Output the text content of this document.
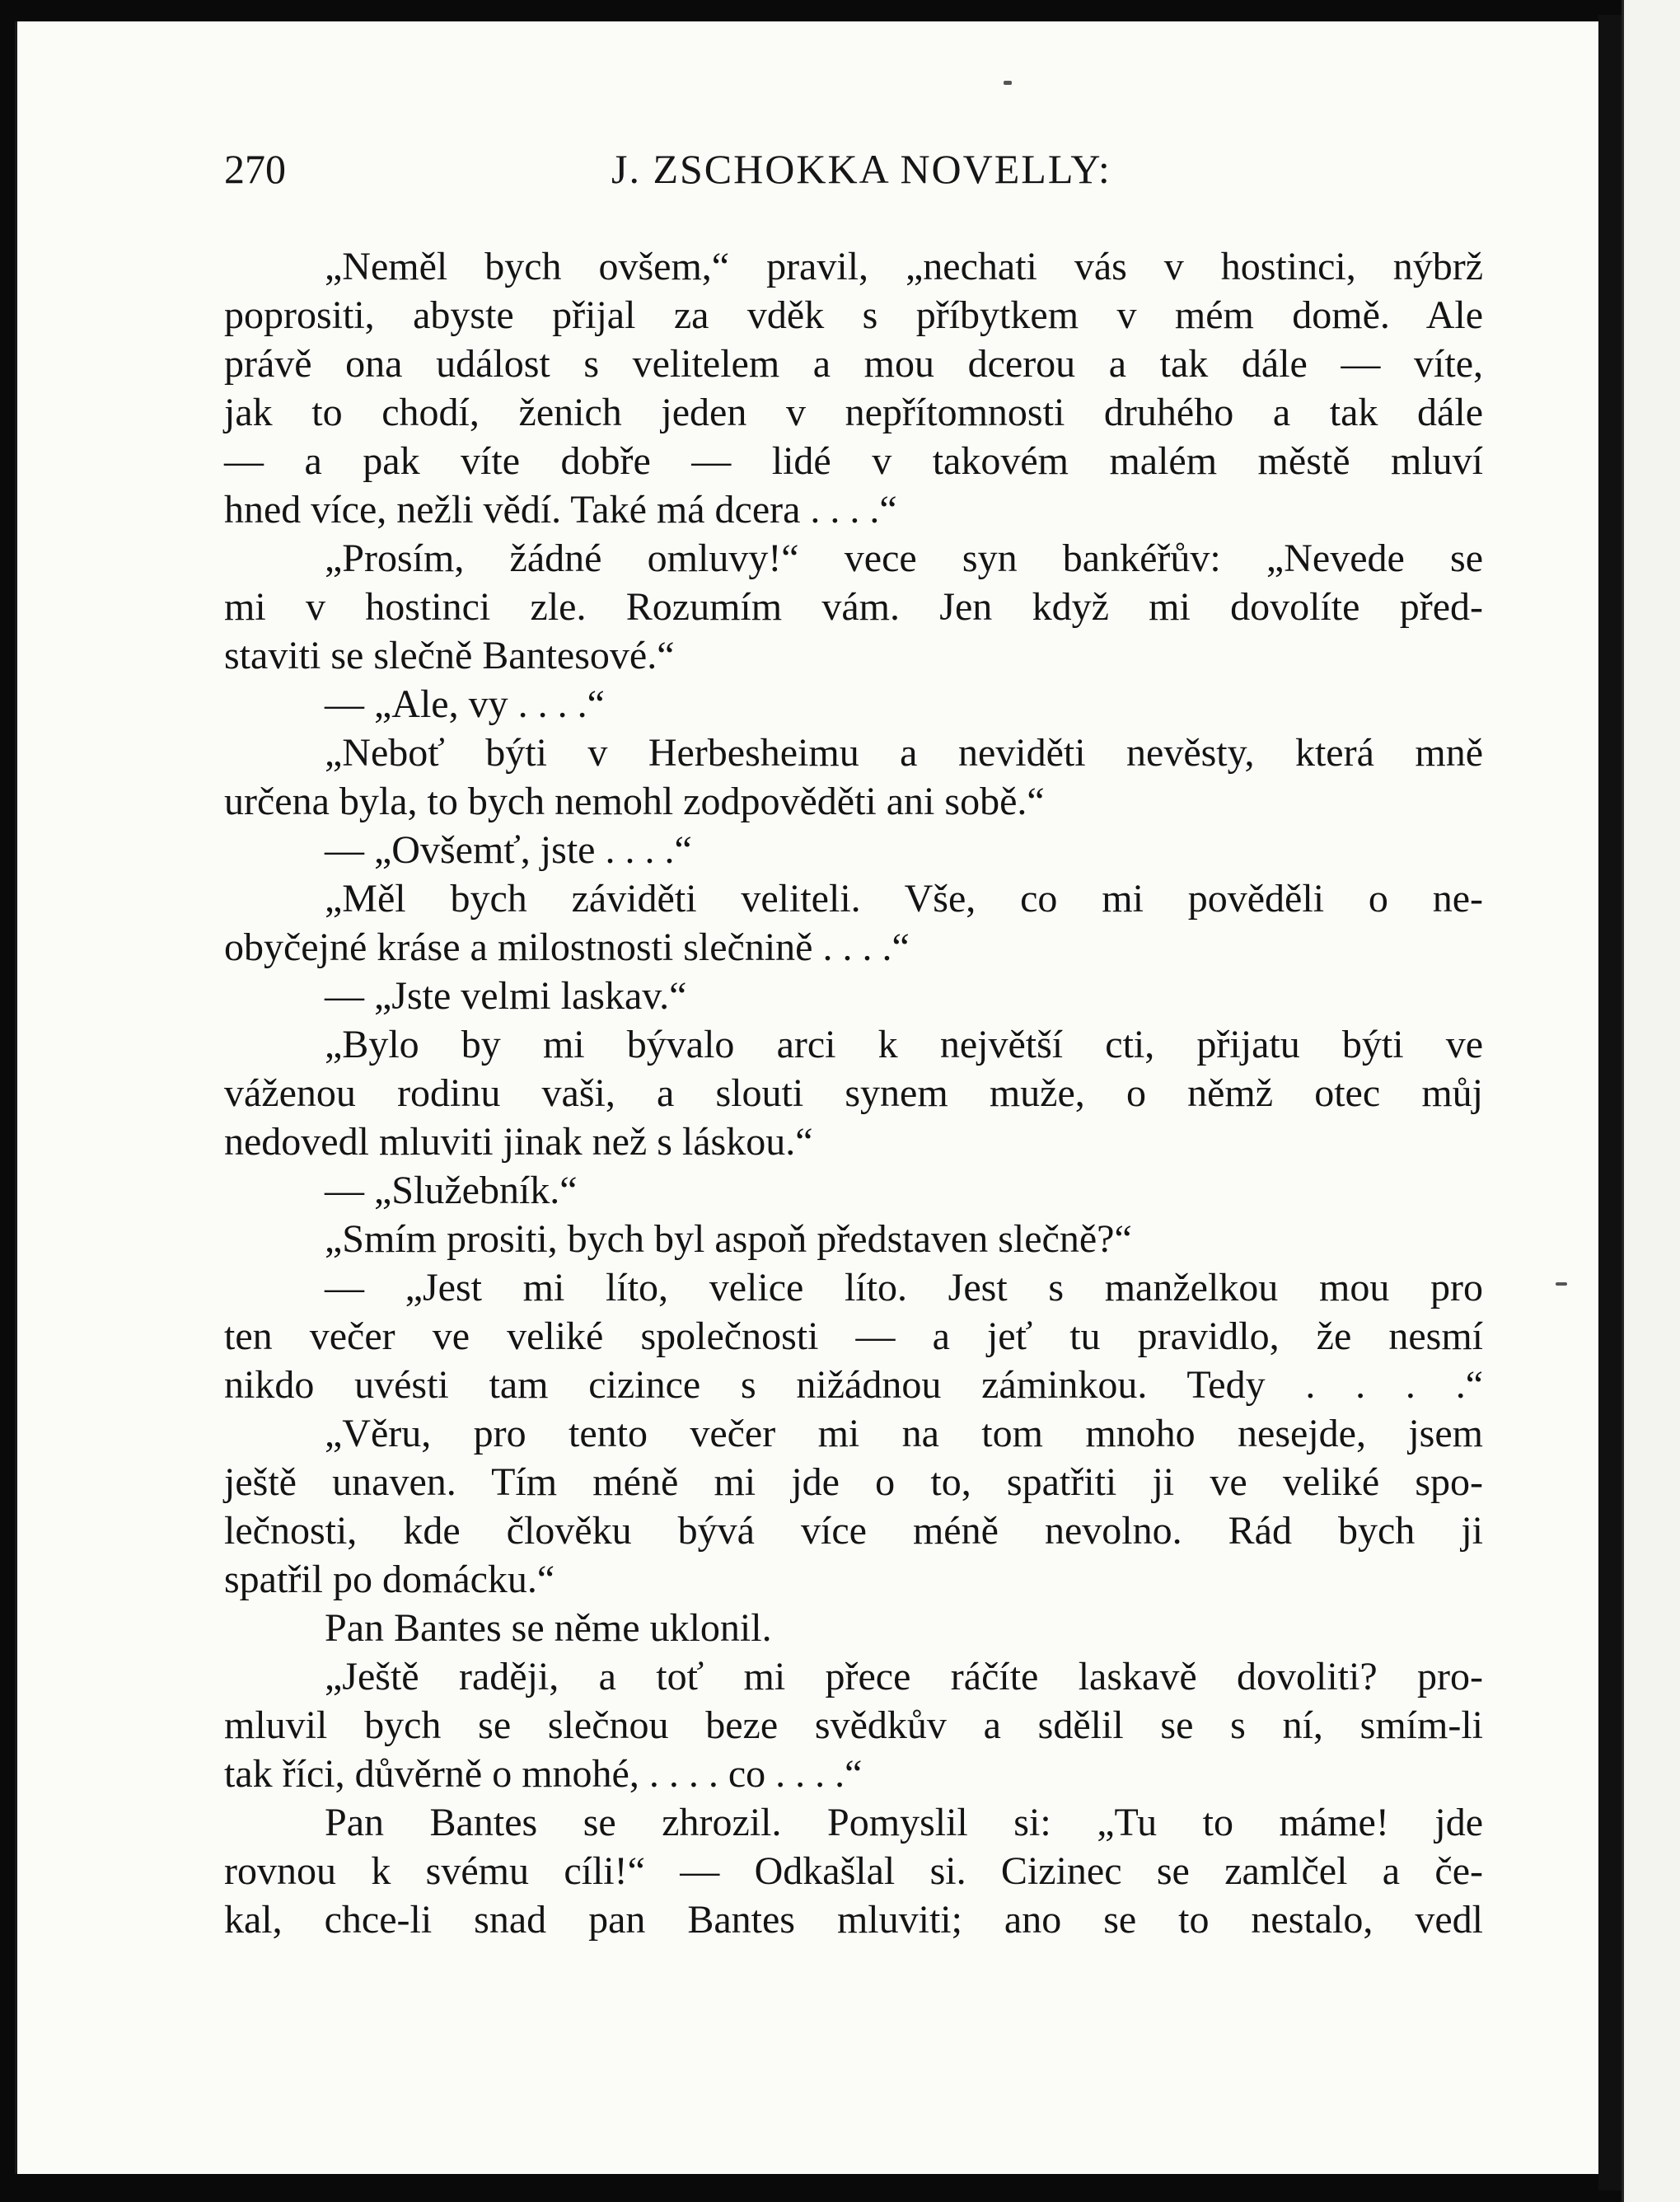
270	J. ZSCHOKKA NOVELLY:
„Neměl bych ovšem,“ pravil, „nechati vás v hostinci, nýbrž
poprositi, abyste přijal za vděk s příbytkem v mém domě. Ale
právě ona událost s velitelem a mou dcerou a tak dále — víte,
jak to chodí, ženich jeden v nepřítomnosti druhého a tak dále
— a pak víte dobře — lidé v takovém malém městě mluví
hned více, nežli vědí. Také má dcera . . . .“
„Prosím, žádné omluvy!“ vece syn bankéřův: „Nevede se
mi v hostinci zle. Rozumím vám. Jen když mi dovolíte před-
staviti se slečně Bantesové.“
— „Ale, vy . . . .“
„Neboť býti v Herbesheimu a neviděti nevěsty, která mně
určena byla, to bych nemohl zodpověděti ani sobě.“
— „Ovšemť, jste . . . .“
„Měl bych záviděti veliteli. Vše, co mi pověděli o ne-
obyčejné kráse a milostnosti slečnině . . . .“
— „Jste velmi laskav.“
„Bylo by mi bývalo arci k největší cti, přijatu býti ve
váženou rodinu vaši, a slouti synem muže, o němž otec můj
nedovedl mluviti jinak než s láskou.“
— „Služebník.“
„Smím prositi, bych byl aspoň představen slečně?“
— „Jest mi líto, velice líto. Jest s manželkou mou pro
ten večer ve veliké společnosti — a jeť tu pravidlo, že nesmí
nikdo uvésti tam cizince s nižádnou záminkou. Tedy . . . .“
„Věru, pro tento večer mi na tom mnoho nesejde, jsem
ještě unaven. Tím méně mi jde o to, spatřiti ji ve veliké spo-
lečnosti, kde člověku bývá více méně nevolno. Rád bych ji
spatřil po domácku.“
Pan Bantes se něme uklonil.
„Ještě raději, a toť mi přece ráčíte laskavě dovoliti? pro-
mluvil bych se slečnou beze svědkův a sdělil se s ní, smím-li
tak říci, důvěrně o mnohé, . . . . co . . . .“
Pan Bantes se zhrozil. Pomyslil si: „Tu to máme! jde
rovnou k svému cíli!“ — Odkašlal si. Cizinec se zamlčel a če-
kal, chce-li snad pan Bantes mluviti; ano se to nestalo, vedl
